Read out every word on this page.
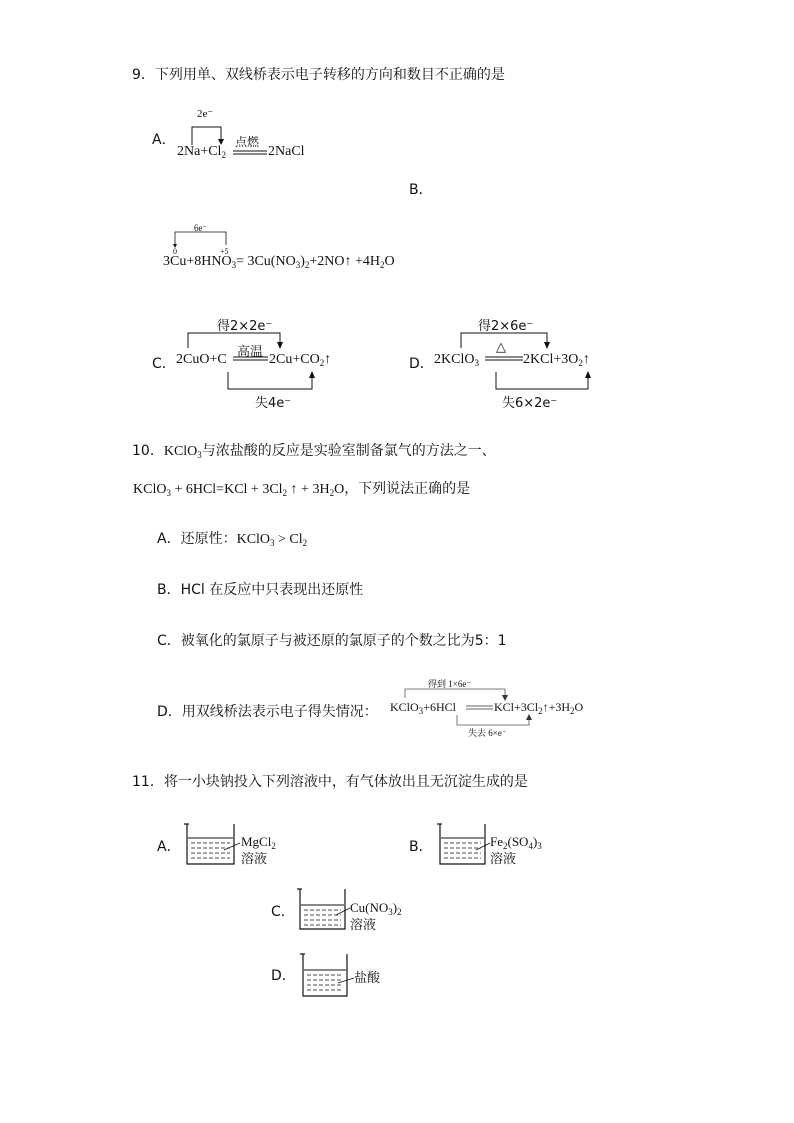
9．下列用单、双线桥表示电子转移的方向和数目不正确的是
A．
2e⁻
$2Na+Cl_2$
点燃
2NaCl
B．
6e⁻
0	+5
$3Cu+8HNO_3=$ $3Cu(NO_3)_2+2NO↑ +4H_2O$
得2×2e⁻
C．
高温
2CuO+C	$2Cu+CO_2↑$
失4e⁻
得2×6e⁻
D．
△
2KClO$_3$	$2KCl+3O_2↑$
失6×2e⁻
10．KClO$_3$与浓盐酸的反应是实验室制备氯气的方法之一、
KClO$_3$ + $6HCl=KCl + 3Cl_2$ ↑ + $3H_2O$，下列说法正确的是
A．还原性：KClO$_3$ > $Cl_2$
B．HCl 在反应中只表现出还原性
C．被氧化的氯原子与被还原的氯原子的个数之比为5：1
D．用双线桥法表示电子得失情况：
得到 1×6e⁻
KClO$_3$+6HCl	$KCl+3Cl_2↑+3H_2O$
失去 6×e⁻
11．将一小块钠投入下列溶液中，有气体放出且无沉淀生成的是
A．	MgCl$_2$
溶液
B．	$Fe_2(SO_4)_3$
溶液
C．	$Cu(NO_3)_2$
溶液
D．	盐酸
